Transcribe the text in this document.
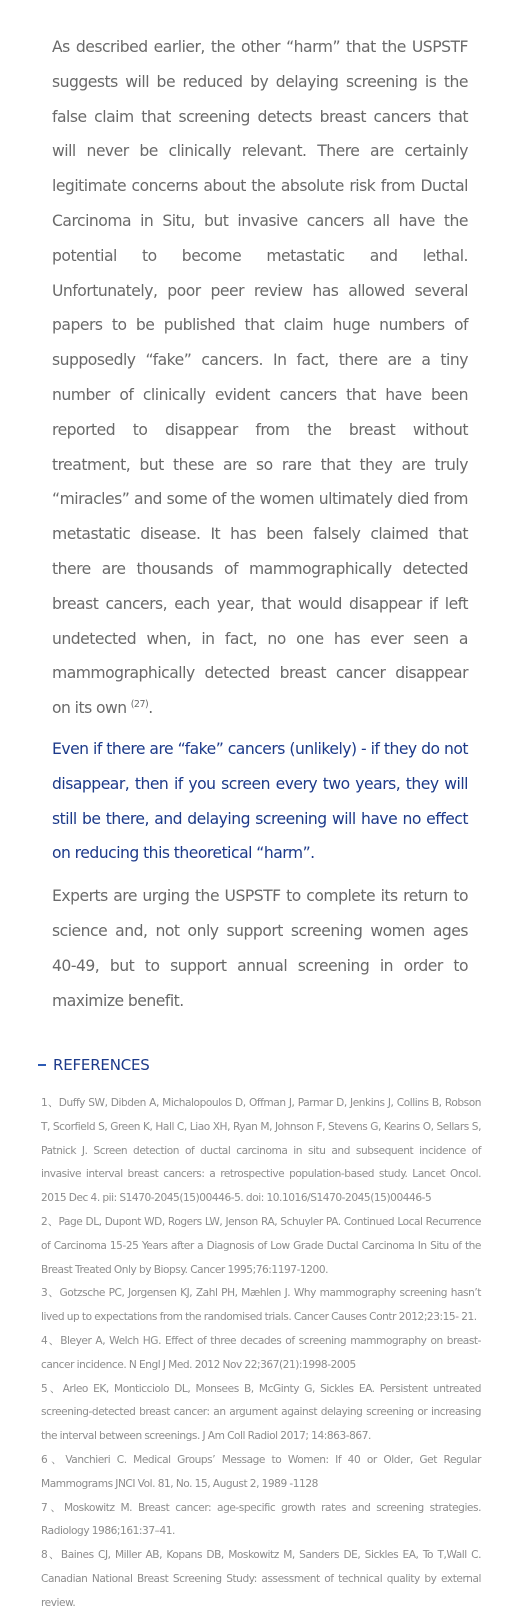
As described earlier, the other “harm” that the USPSTF suggests will be reduced by delaying screening is the false claim that screening detects breast cancers that will never be clinically relevant. There are certainly legitimate concerns about the absolute risk from Ductal Carcinoma in Situ, but invasive cancers all have the potential to become metastatic and lethal. Unfortunately, poor peer review has allowed several papers to be published that claim huge numbers of supposedly “fake” cancers. In fact, there are a tiny number of clinically evident cancers that have been reported to disappear from the breast without treatment, but these are so rare that they are truly “miracles” and some of the women ultimately died from metastatic disease. It has been falsely claimed that there are thousands of mammographically detected breast cancers, each year, that would disappear if left undetected when, in fact, no one has ever seen a mammographically detected breast cancer disappear on its own $^{(27)}$.

Even if there are “fake” cancers (unlikely) - if they do not disappear, then if you screen every two years, they will still be there, and delaying screening will have no effect on reducing this theoretical “harm”.

Experts are urging the USPSTF to complete its return to science and, not only support screening women ages 40-49, but to support annual screening in order to maximize benefit.

REFERENCES
1、Duffy SW, Dibden A, Michalopoulos D, Offman J, Parmar D, Jenkins J, Collins B, Robson T, Scorfield S, Green K, Hall C, Liao XH, Ryan M, Johnson F, Stevens G, Kearins O, Sellars S, Patnick J. Screen detection of ductal carcinoma in situ and subsequent incidence of invasive interval breast cancers: a retrospective population-based study. Lancet Oncol. 2015 Dec 4. pii: S1470-2045(15)00446-5. doi: 10.1016/S1470-2045(15)00446-5
2、Page DL, Dupont WD, Rogers LW, Jenson RA, Schuyler PA. Continued Local Recurrence of Carcinoma 15-25 Years after a Diagnosis of Low Grade Ductal Carcinoma In Situ of the Breast Treated Only by Biopsy. Cancer 1995;76:1197-1200.
3、Gotzsche PC, Jorgensen KJ, Zahl PH, Mæhlen J. Why mammography screening hasn’t lived up to expectations from the randomised trials. Cancer Causes Contr 2012;23:15- 21.
4、Bleyer A, Welch HG. Effect of three decades of screening mammography on breast-cancer incidence. N Engl J Med. 2012 Nov 22;367(21):1998-2005
5、Arleo EK, Monticciolo DL, Monsees B, McGinty G, Sickles EA. Persistent untreated screening-detected breast cancer: an argument against delaying screening or increasing the interval between screenings. J Am Coll Radiol 2017; 14:863-867.
6、Vanchieri C. Medical Groups’ Message to Women: If 40 or Older, Get Regular Mammograms JNCI Vol. 81, No. 15, August 2, 1989 -1128
7、Moskowitz M. Breast cancer: age-specific growth rates and screening strategies. Radiology 1986;161:37–41.
8、Baines CJ, Miller AB, Kopans DB, Moskowitz M, Sanders DE, Sickles EA, To T,Wall C. Canadian National Breast Screening Study: assessment of technical quality by external review.
